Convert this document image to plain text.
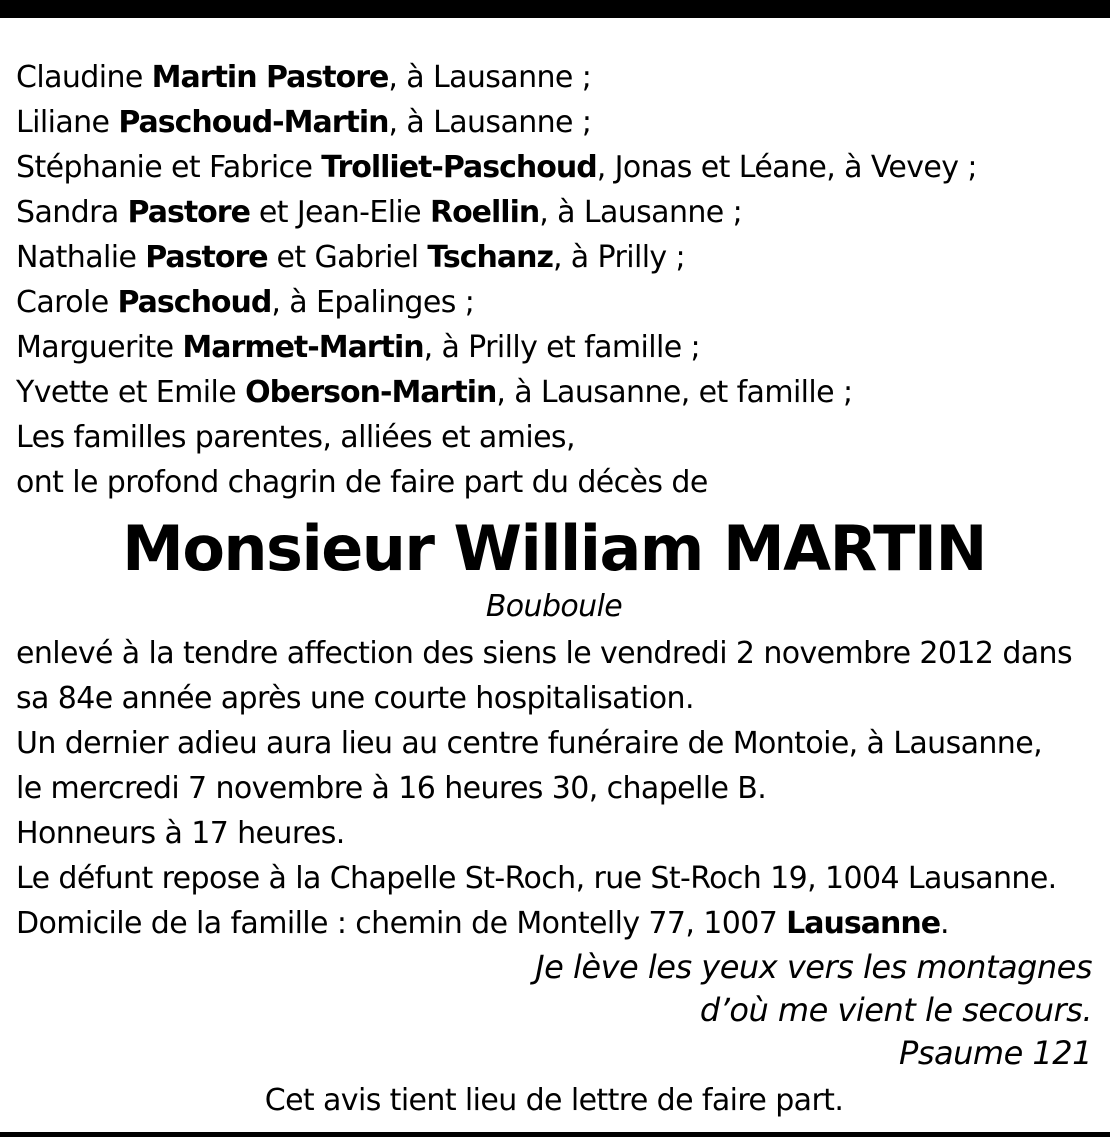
Claudine Martin Pastore, à Lausanne ;
Liliane Paschoud-Martin, à Lausanne ;
Stéphanie et Fabrice Trolliet-Paschoud, Jonas et Léane, à Vevey ;
Sandra Pastore et Jean-Elie Roellin, à Lausanne ;
Nathalie Pastore et Gabriel Tschanz, à Prilly ;
Carole Paschoud, à Epalinges ;
Marguerite Marmet-Martin, à Prilly et famille ;
Yvette et Emile Oberson-Martin, à Lausanne, et famille ;
Les familles parentes, alliées et amies,
ont le profond chagrin de faire part du décès de
Monsieur William MARTIN
Bouboule
enlevé à la tendre affection des siens le vendredi 2 novembre 2012 dans
sa 84e année après une courte hospitalisation.
Un dernier adieu aura lieu au centre funéraire de Montoie, à Lausanne,
le mercredi 7 novembre à 16 heures 30, chapelle B.
Honneurs à 17 heures.
Le défunt repose à la Chapelle St-Roch, rue St-Roch 19, 1004 Lausanne.
Domicile de la famille : chemin de Montelly 77, 1007 Lausanne.
Je lève les yeux vers les montagnes
d’où me vient le secours.
Psaume 121
Cet avis tient lieu de lettre de faire part.
